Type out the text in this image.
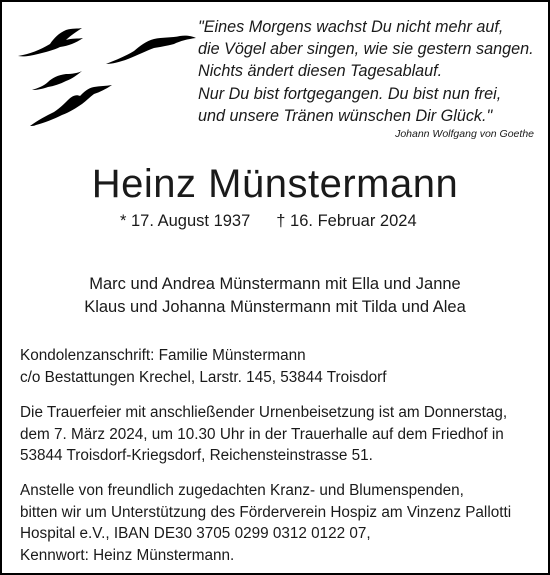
"Eines Morgens wachst Du nicht mehr auf,
die Vögel aber singen, wie sie gestern sangen.
Nichts ändert diesen Tagesablauf.
Nur Du bist fortgegangen. Du bist nun frei,
und unsere Tränen wünschen Dir Glück."
Johann Wolfgang von Goethe
Heinz Münstermann
* 17. August 1937 † 16. Februar 2024
Marc und Andrea Münstermann mit Ella und Janne
Klaus und Johanna Münstermann mit Tilda und Alea
Kondolenzanschrift: Familie Münstermann
c/o Bestattungen Krechel, Larstr. 145, 53844 Troisdorf
Die Trauerfeier mit anschließender Urnenbeisetzung ist am Donnerstag,
dem 7. März 2024, um 10.30 Uhr in der Trauerhalle auf dem Friedhof in
53844 Troisdorf-Kriegsdorf, Reichensteinstrasse 51.
Anstelle von freundlich zugedachten Kranz- und Blumenspenden,
bitten wir um Unterstützung des Förderverein Hospiz am Vinzenz Pallotti
Hospital e.V., IBAN DE30 3705 0299 0312 0122 07,
Kennwort: Heinz Münstermann.
